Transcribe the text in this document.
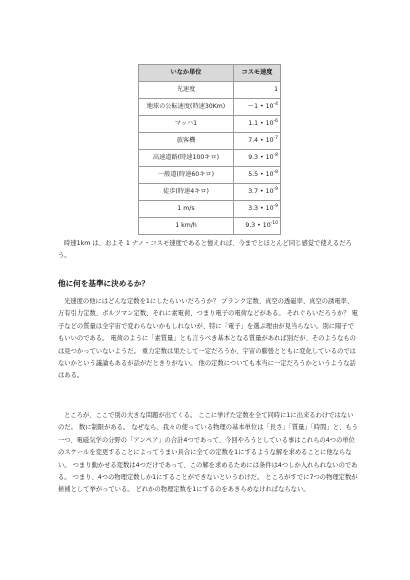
いなか単位	コスモ速度
光速度	1
地球の公転速度(時速30Km)	〜1 • $10^{-4}$
マッハ1	1.1 • $10^{-6}$
旅客機	7.4 • $10^{-7}$
高速道路(時速100キロ)	9.3 • $10^{-8}$
一般道(時速60キロ)	5.5 • $10^{-8}$
徒歩(時速4キロ)	3.7 • $10^{-9}$
1 m/s	3.3 • $10^{-9}$
1 km/h	9.3 • $10^{-10}$

時速1km は、およそ 1 ナノ・コスモ速度であると憶えれば、今までとほとんど同じ感覚で使えるだろう。

他に何を基準に決めるか？

光速度の他にはどんな定数を1にしたらいいだろうか？ プランク定数、真空の透磁率、真空の誘電率、万有引力定数、ボルツマン定数、それに素電荷、つまり電子の電荷などがある。 それぐらいだろうか？ 電子などの質量は全宇宙で変わらないかもしれないが、特に「電子」を選ぶ理由が見当らない。別に陽子でもいいのである。 電荷のように「素質量」とも言うべき基本となる質量があれば別だが、そのようなものは見つかっていないようだ。 重力定数は果たして一定だろうか、宇宙の膨張とともに変化しているのではないかという議論もあるが話がだときりがない。 他の定数についても本当に一定だろうかというような話はある。

ところが、ここで別の大きな問題が出てくる。 ここに挙げた定数を全て同時に1に出来るわけではないのだ。 数に制限がある。 なぜなら、我々の使っている物理の基本単位は「長さ」「質量」「時間」と、もう一つ、電磁気学の分野の「アンペア」の合計4つであって、今回やろうとしている事はこれらの4つの単位のスケールを変更することによってうまい具合に全ての定数を1にするような解を求めることに他ならない。 つまり動かせる変数は4つだけであって、この解を求めるためには条件は4つしか入れられないのである。 つまり、4つの物理定数しか1にすることができないというわけだ。 ところがすでに7つの物理定数が候補として挙がっている。 どれかの物理定数を1にするのをあきらめなければならない。
